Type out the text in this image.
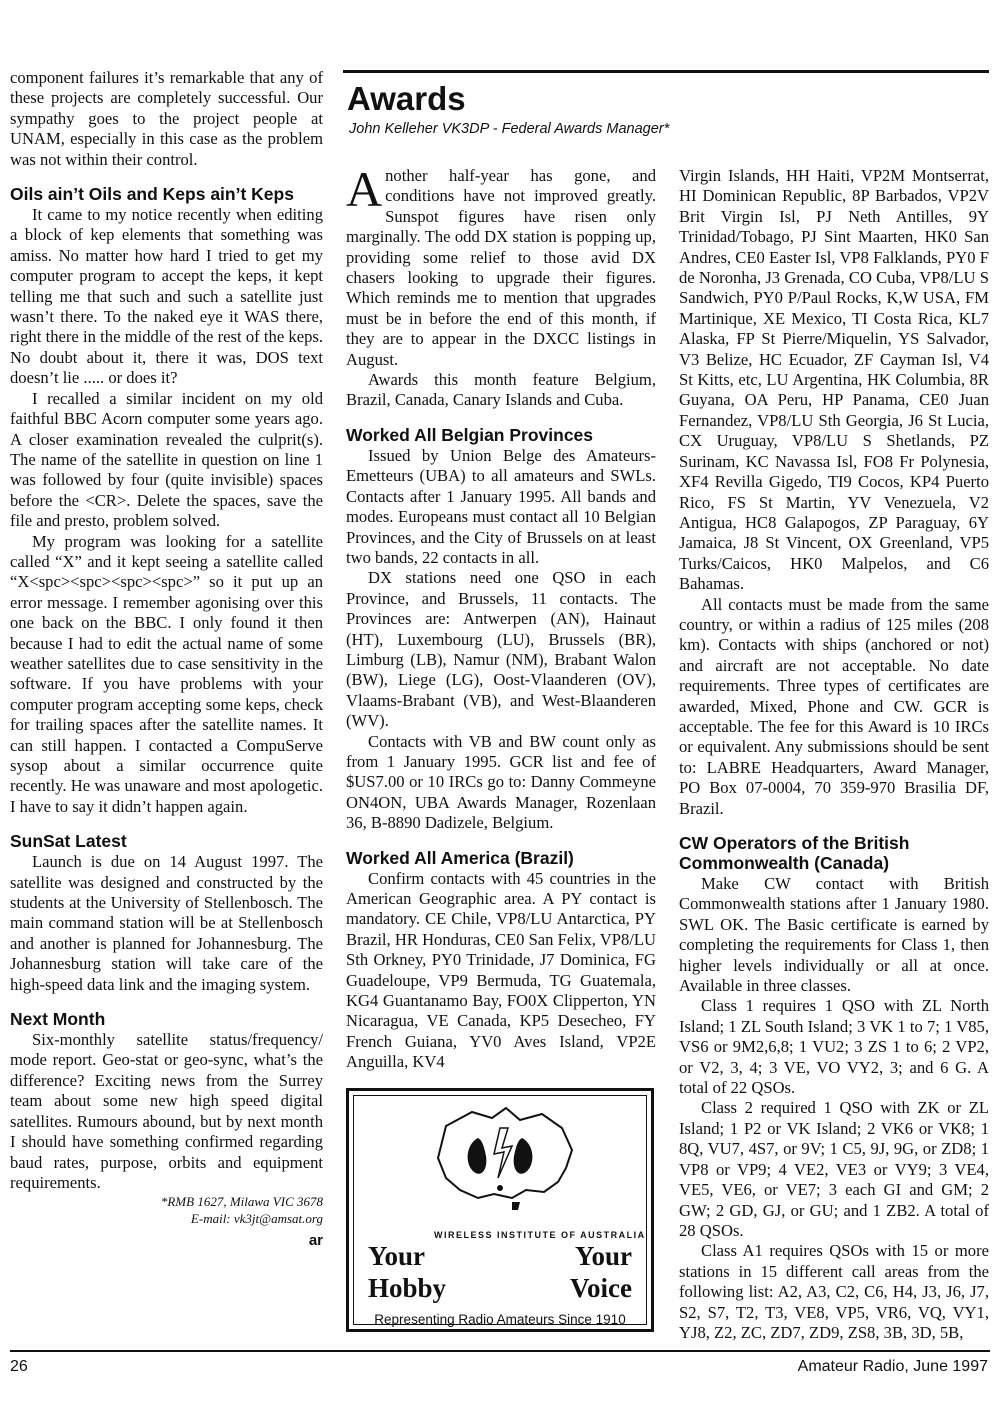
component failures it’s remarkable that any of these projects are completely successful. Our sympathy goes to the project people at UNAM, especially in this case as the problem was not within their control.

Oils ain’t Oils and Keps ain’t Keps

It came to my notice recently when editing a block of kep elements that something was amiss. No matter how hard I tried to get my computer program to accept the keps, it kept telling me that such and such a satellite just wasn’t there. To the naked eye it WAS there, right there in the middle of the rest of the keps. No doubt about it, there it was, DOS text doesn’t lie ..... or does it?

I recalled a similar incident on my old faithful BBC Acorn computer some years ago. A closer examination revealed the culprit(s). The name of the satellite in question on line 1 was followed by four (quite invisible) spaces before the <CR>. Delete the spaces, save the file and presto, problem solved.

My program was looking for a satellite called “X” and it kept seeing a satellite called “X<spc><spc><spc><spc>” so it put up an error message. I remember agonising over this one back on the BBC. I only found it then because I had to edit the actual name of some weather satellites due to case sensitivity in the software. If you have problems with your computer program accepting some keps, check for trailing spaces after the satellite names. It can still happen. I contacted a CompuServe sysop about a similar occurrence quite recently. He was unaware and most apologetic. I have to say it didn’t happen again.

SunSat Latest

Launch is due on 14 August 1997. The satellite was designed and constructed by the students at the University of Stellenbosch. The main command station will be at Stellenbosch and another is planned for Johannesburg. The Johannesburg station will take care of the high-speed data link and the imaging system.

Next Month

Six-monthly satellite status/frequency/ mode report. Geo-stat or geo-sync, what’s the difference? Exciting news from the Surrey team about some new high speed digital satellites. Rumours abound, but by next month I should have something confirmed regarding baud rates, purpose, orbits and equipment requirements.

*RMB 1627, Milawa VIC 3678

E-mail: vk3jt@amsat.org

ar
Awards
John Kelleher VK3DP - Federal Awards Manager*

Another half-year has gone, and conditions have not improved greatly. Sunspot figures have risen only marginally. The odd DX station is popping up, providing some relief to those avid DX chasers looking to upgrade their figures. Which reminds me to mention that upgrades must be in before the end of this month, if they are to appear in the DXCC listings in August.

Awards this month feature Belgium, Brazil, Canada, Canary Islands and Cuba.

Worked All Belgian Provinces

Issued by Union Belge des Amateurs-Emetteurs (UBA) to all amateurs and SWLs. Contacts after 1 January 1995. All bands and modes. Europeans must contact all 10 Belgian Provinces, and the City of Brussels on at least two bands, 22 contacts in all.

DX stations need one QSO in each Province, and Brussels, 11 contacts. The Provinces are: Antwerpen (AN), Hainaut (HT), Luxembourg (LU), Brussels (BR), Limburg (LB), Namur (NM), Brabant Walon (BW), Liege (LG), Oost-Vlaanderen (OV), Vlaams-Brabant (VB), and West-Blaanderen (WV).

Contacts with VB and BW count only as from 1 January 1995. GCR list and fee of $US7.00 or 10 IRCs go to: Danny Commeyne ON4ON, UBA Awards Manager, Rozenlaan 36, B-8890 Dadizele, Belgium.

Worked All America (Brazil)

Confirm contacts with 45 countries in the American Geographic area. A PY contact is mandatory. CE Chile, VP8/LU Antarctica, PY Brazil, HR Honduras, CE0 San Felix, VP8/LU Sth Orkney, PY0 Trinidade, J7 Dominica, FG Guadeloupe, VP9 Bermuda, TG Guatemala, KG4 Guantanamo Bay, FO0X Clipperton, YN Nicaragua, VE Canada, KP5 Desecheo, FY French Guiana, YV0 Aves Island, VP2E Anguilla, KV4

WIRELESS INSTITUTE OF AUSTRALIA
Your
Hobby
Your
Voice
Representing Radio Amateurs Since 1910

Virgin Islands, HH Haiti, VP2M Montserrat, HI Dominican Republic, 8P Barbados, VP2V Brit Virgin Isl, PJ Neth Antilles, 9Y Trinidad/Tobago, PJ Sint Maarten, HK0 San Andres, CE0 Easter Isl, VP8 Falklands, PY0 F de Noronha, J3 Grenada, CO Cuba, VP8/LU S Sandwich, PY0 P/Paul Rocks, K,W USA, FM Martinique, XE Mexico, TI Costa Rica, KL7 Alaska, FP St Pierre/Miquelin, YS Salvador, V3 Belize, HC Ecuador, ZF Cayman Isl, V4 St Kitts, etc, LU Argentina, HK Columbia, 8R Guyana, OA Peru, HP Panama, CE0 Juan Fernandez, VP8/LU Sth Georgia, J6 St Lucia, CX Uruguay, VP8/LU S Shetlands, PZ Surinam, KC Navassa Isl, FO8 Fr Polynesia, XF4 Revilla Gigedo, TI9 Cocos, KP4 Puerto Rico, FS St Martin, YV Venezuela, V2 Antigua, HC8 Galapogos, ZP Paraguay, 6Y Jamaica, J8 St Vincent, OX Greenland, VP5 Turks/Caicos, HK0 Malpelos, and C6 Bahamas.

All contacts must be made from the same country, or within a radius of 125 miles (208 km). Contacts with ships (anchored or not) and aircraft are not acceptable. No date requirements. Three types of certificates are awarded, Mixed, Phone and CW. GCR is acceptable. The fee for this Award is 10 IRCs or equivalent. Any submissions should be sent to: LABRE Headquarters, Award Manager, PO Box 07-0004, 70 359-970 Brasilia DF, Brazil.

CW Operators of the British Commonwealth (Canada)

Make CW contact with British Commonwealth stations after 1 January 1980. SWL OK. The Basic certificate is earned by completing the requirements for Class 1, then higher levels individually or all at once. Available in three classes.

Class 1 requires 1 QSO with ZL North Island; 1 ZL South Island; 3 VK 1 to 7; 1 V85, VS6 or 9M2,6,8; 1 VU2; 3 ZS 1 to 6; 2 VP2, or V2, 3, 4; 3 VE, VO VY2, 3; and 6 G. A total of 22 QSOs.

Class 2 required 1 QSO with ZK or ZL Island; 1 P2 or VK Island; 2 VK6 or VK8; 1 8Q, VU7, 4S7, or 9V; 1 C5, 9J, 9G, or ZD8; 1 VP8 or VP9; 4 VE2, VE3 or VY9; 3 VE4, VE5, VE6, or VE7; 3 each GI and GM; 2 GW; 2 GD, GJ, or GU; and 1 ZB2. A total of 28 QSOs.

Class A1 requires QSOs with 15 or more stations in 15 different call areas from the following list: A2, A3, C2, C6, H4, J3, J6, J7, S2, S7, T2, T3, VE8, VP5, VR6, VQ, VY1, YJ8, Z2, ZC, ZD7, ZD9, ZS8, 3B, 3D, 5B,

26	Amateur Radio, June 1997
